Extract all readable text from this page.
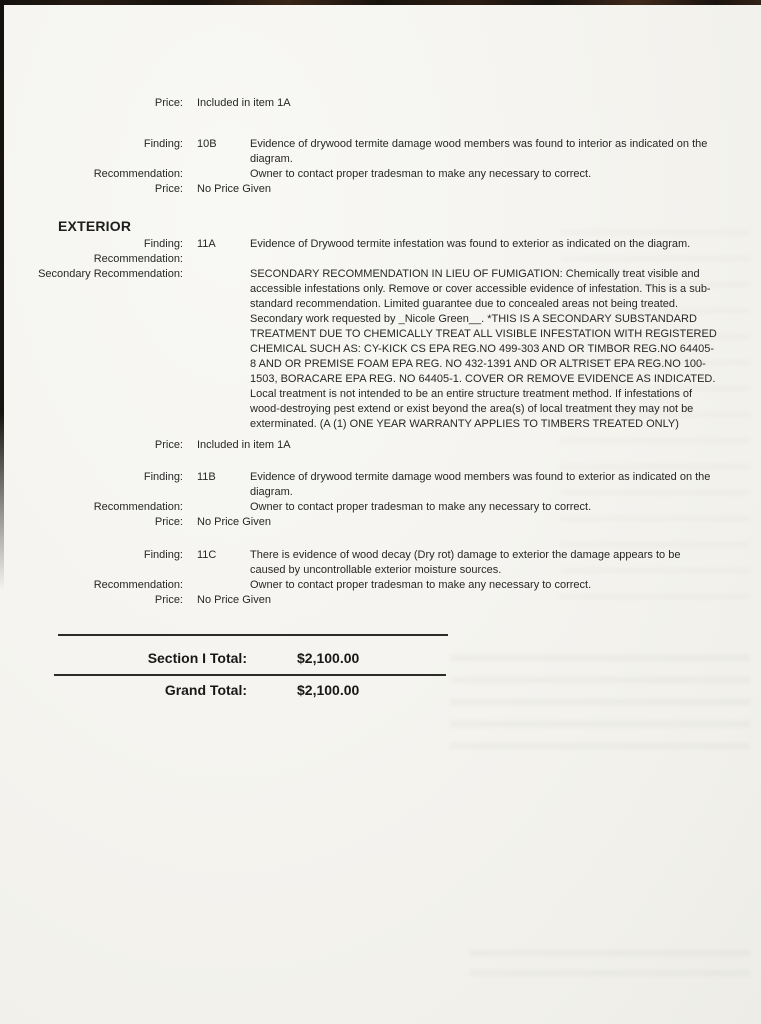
Price:	Included in item 1A
Finding:	10B	Evidence of drywood termite damage wood members was found to interior as indicated on the diagram.
Recommendation:	Owner to contact proper tradesman to make any necessary to correct.
Price:	No Price Given
EXTERIOR
Finding:	11A	Evidence of Drywood termite infestation was found to exterior as indicated on the diagram.
Recommendation:
Secondary Recommendation:	SECONDARY RECOMMENDATION IN LIEU OF FUMIGATION: Chemically treat visible and accessible infestations only. Remove or cover accessible evidence of infestation. This is a sub-standard recommendation. Limited guarantee due to concealed areas not being treated. Secondary work requested by _Nicole Green__. *THIS IS A SECONDARY SUBSTANDARD TREATMENT DUE TO CHEMICALLY TREAT ALL VISIBLE INFESTATION WITH REGISTERED CHEMICAL SUCH AS: CY-KICK CS EPA REG.NO 499-303 AND OR TIMBOR REG.NO 64405-8 AND OR PREMISE FOAM EPA REG. NO 432-1391 AND OR ALTRISET EPA REG.NO 100-1503, BORACARE EPA REG. NO 64405-1. COVER OR REMOVE EVIDENCE AS INDICATED. Local treatment is not intended to be an entire structure treatment method. If infestations of wood-destroying pest extend or exist beyond the area(s) of local treatment they may not be exterminated. (A (1) ONE YEAR WARRANTY APPLIES TO TIMBERS TREATED ONLY)
Price:	Included in item 1A
Finding:	11B	Evidence of drywood termite damage wood members was found to exterior as indicated on the diagram.
Recommendation:	Owner to contact proper tradesman to make any necessary to correct.
Price:	No Price Given
Finding:	11C	There is evidence of wood decay (Dry rot) damage to exterior the damage appears to be caused by uncontrollable exterior moisture sources.
Recommendation:	Owner to contact proper tradesman to make any necessary to correct.
Price:	No Price Given
Section I Total:	$2,100.00
Grand Total:	$2,100.00
